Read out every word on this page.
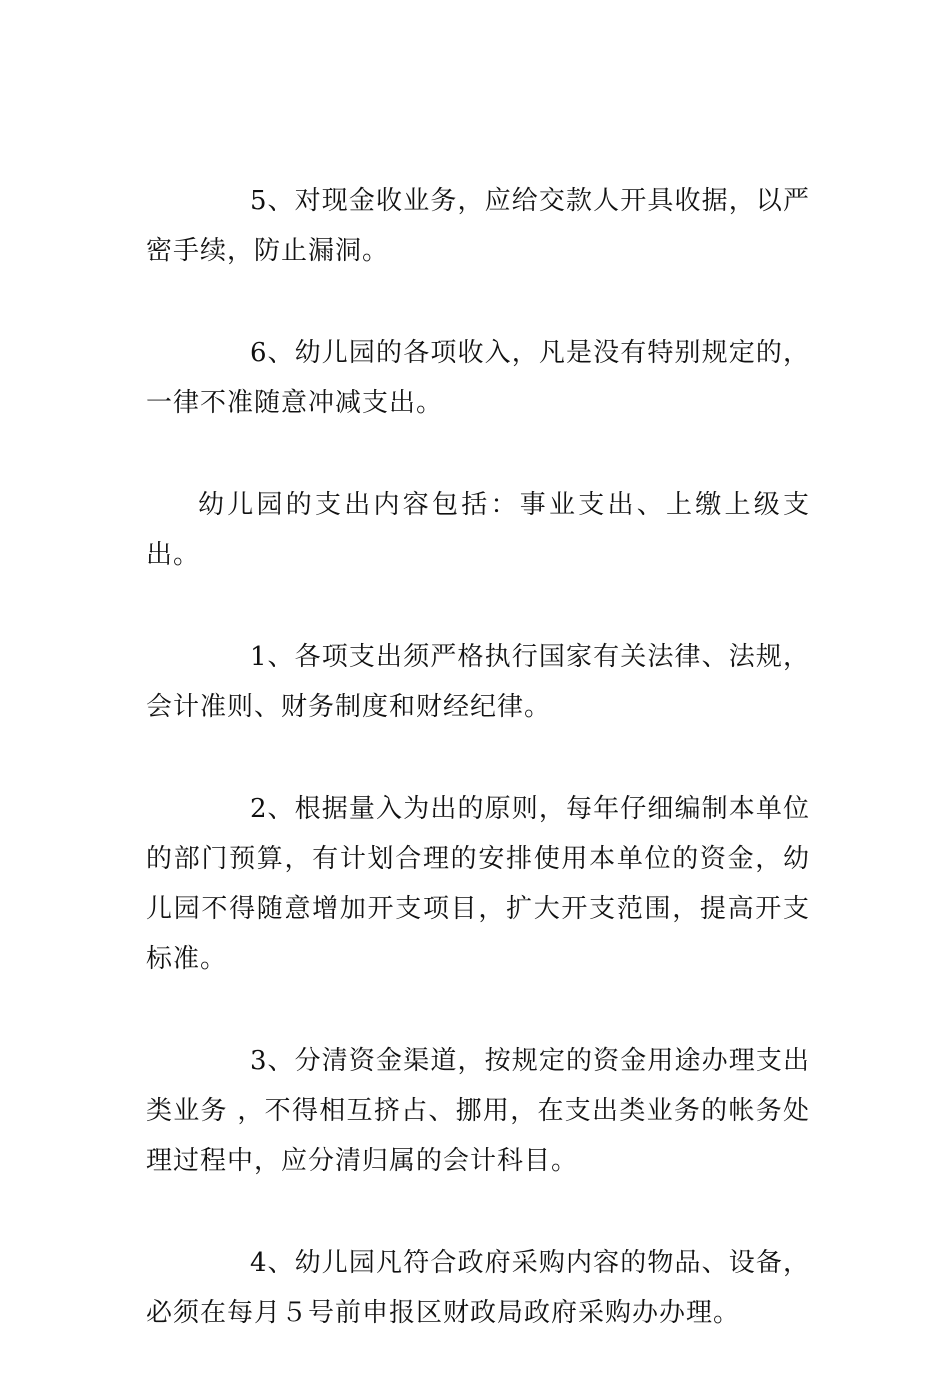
5、对现金收业务，应给交款人开具收据，以严密手续，防止漏洞。

6、幼儿园的各项收入，凡是没有特别规定的，一律不准随意冲减支出。

幼儿园的支出内容包括：事业支出、上缴上级支出。

1、各项支出须严格执行国家有关法律、法规，会计准则、财务制度和财经纪律。

2、根据量入为出的原则，每年仔细编制本单位的部门预算，有计划合理的安排使用本单位的资金，幼儿园不得随意增加开支项目，扩大开支范围，提高开支标准。

3、分清资金渠道，按规定的资金用途办理支出类业务 ，不得相互挤占、挪用，在支出类业务的帐务处理过程中，应分清归属的会计科目。

4、幼儿园凡符合政府采购内容的物品、设备，必须在每月５号前申报区财政局政府采购办办理。
